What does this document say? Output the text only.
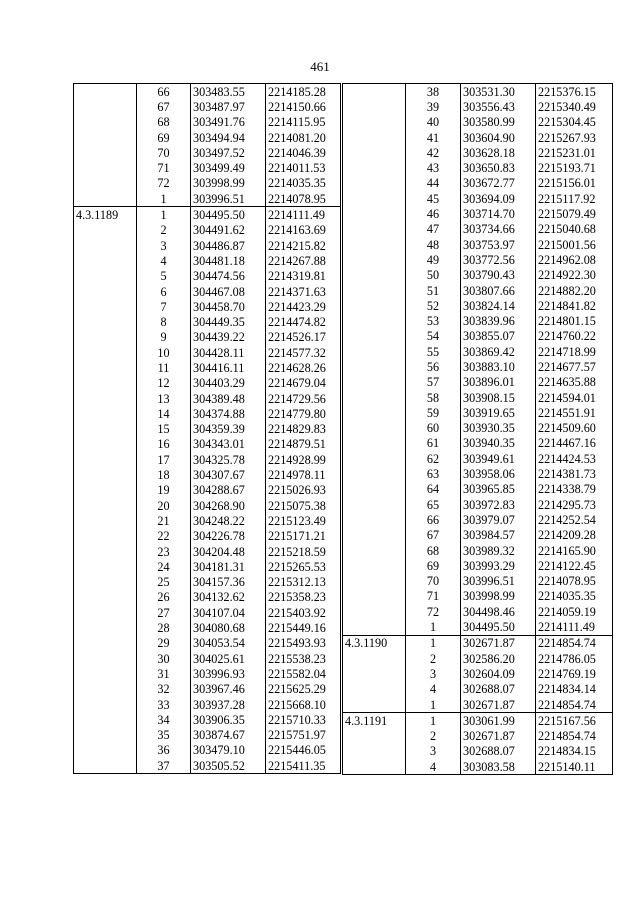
461
	66	303483.55	2214185.28
	67	303487.97	2214150.66
	68	303491.76	2214115.95
	69	303494.94	2214081.20
	70	303497.52	2214046.39
	71	303499.49	2214011.53
	72	303998.99	2214035.35
	1	303996.51	2214078.95
4.3.1189	1	304495.50	2214111.49
	2	304491.62	2214163.69
	3	304486.87	2214215.82
	4	304481.18	2214267.88
	5	304474.56	2214319.81
	6	304467.08	2214371.63
	7	304458.70	2214423.29
	8	304449.35	2214474.82
	9	304439.22	2214526.17
	10	304428.11	2214577.32
	11	304416.11	2214628.26
	12	304403.29	2214679.04
	13	304389.48	2214729.56
	14	304374.88	2214779.80
	15	304359.39	2214829.83
	16	304343.01	2214879.51
	17	304325.78	2214928.99
	18	304307.67	2214978.11
	19	304288.67	2215026.93
	20	304268.90	2215075.38
	21	304248.22	2215123.49
	22	304226.78	2215171.21
	23	304204.48	2215218.59
	24	304181.31	2215265.53
	25	304157.36	2215312.13
	26	304132.62	2215358.23
	27	304107.04	2215403.92
	28	304080.68	2215449.16
	29	304053.54	2215493.93
	30	304025.61	2215538.23
	31	303996.93	2215582.04
	32	303967.46	2215625.29
	33	303937.28	2215668.10
	34	303906.35	2215710.33
	35	303874.67	2215751.97
	36	303479.10	2215446.05
	37	303505.52	2215411.35
	38	303531.30	2215376.15
	39	303556.43	2215340.49
	40	303580.99	2215304.45
	41	303604.90	2215267.93
	42	303628.18	2215231.01
	43	303650.83	2215193.71
	44	303672.77	2215156.01
	45	303694.09	2215117.92
	46	303714.70	2215079.49
	47	303734.66	2215040.68
	48	303753.97	2215001.56
	49	303772.56	2214962.08
	50	303790.43	2214922.30
	51	303807.66	2214882.20
	52	303824.14	2214841.82
	53	303839.96	2214801.15
	54	303855.07	2214760.22
	55	303869.42	2214718.99
	56	303883.10	2214677.57
	57	303896.01	2214635.88
	58	303908.15	2214594.01
	59	303919.65	2214551.91
	60	303930.35	2214509.60
	61	303940.35	2214467.16
	62	303949.61	2214424.53
	63	303958.06	2214381.73
	64	303965.85	2214338.79
	65	303972.83	2214295.73
	66	303979.07	2214252.54
	67	303984.57	2214209.28
	68	303989.32	2214165.90
	69	303993.29	2214122.45
	70	303996.51	2214078.95
	71	303998.99	2214035.35
	72	304498.46	2214059.19
	1	304495.50	2214111.49
4.3.1190	1	302671.87	2214854.74
	2	302586.20	2214786.05
	3	302604.09	2214769.19
	4	302688.07	2214834.14
	1	302671.87	2214854.74
4.3.1191	1	303061.99	2215167.56
	2	302671.87	2214854.74
	3	302688.07	2214834.15
	4	303083.58	2215140.11
